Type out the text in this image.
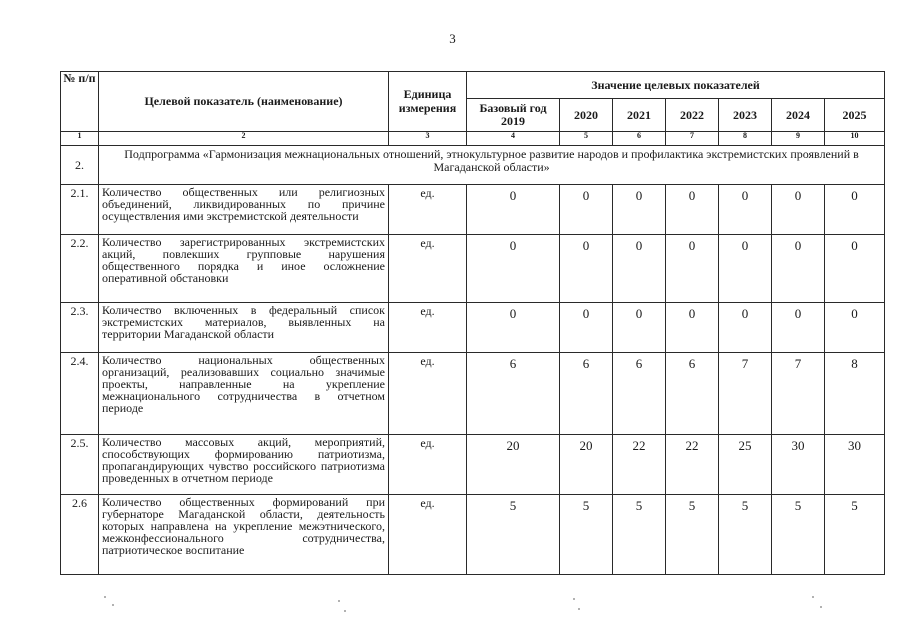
3
№ п/п	Целевой показатель (наименование)	Единица измерения	Значение целевых показателей						
			Базовый год 2019	2020	2021	2022	2023	2024	2025
1	2	3	4	5	6	7	8	9	10
2.	Подпрограмма «Гармонизация межнациональных отношений, этнокультурное развитие народов и профилактика экстремистских проявлений в Магаданской области»								
2.1.	Количество общественных или религиозных объединений, ликвидированных по причине осуществления ими экстремистской деятельности	ед.	0	0	0	0	0	0	0
2.2.	Количество зарегистрированных экстремистских акций, повлекших групповые нарушения общественного порядка и иное осложнение оперативной обстановки	ед.	0	0	0	0	0	0	0
2.3.	Количество включенных в федеральный список экстремистских материалов, выявленных на территории Магаданской области	ед.	0	0	0	0	0	0	0
2.4.	Количество национальных общественных организаций, реализовавших социально значимые проекты, направленные на укрепление межнационального сотрудничества в отчетном периоде	ед.	6	6	6	6	7	7	8
2.5.	Количество массовых акций, мероприятий, способствующих формированию патриотизма, пропагандирующих чувство российского патриотизма проведенных в отчетном периоде	ед.	20	20	22	22	25	30	30
2.6	Количество общественных формирований при губернаторе Магаданской области, деятельность которых направлена на укрепление межэтнического, межконфессионального сотрудничества, патриотическое воспитание	ед.	5	5	5	5	5	5	5
